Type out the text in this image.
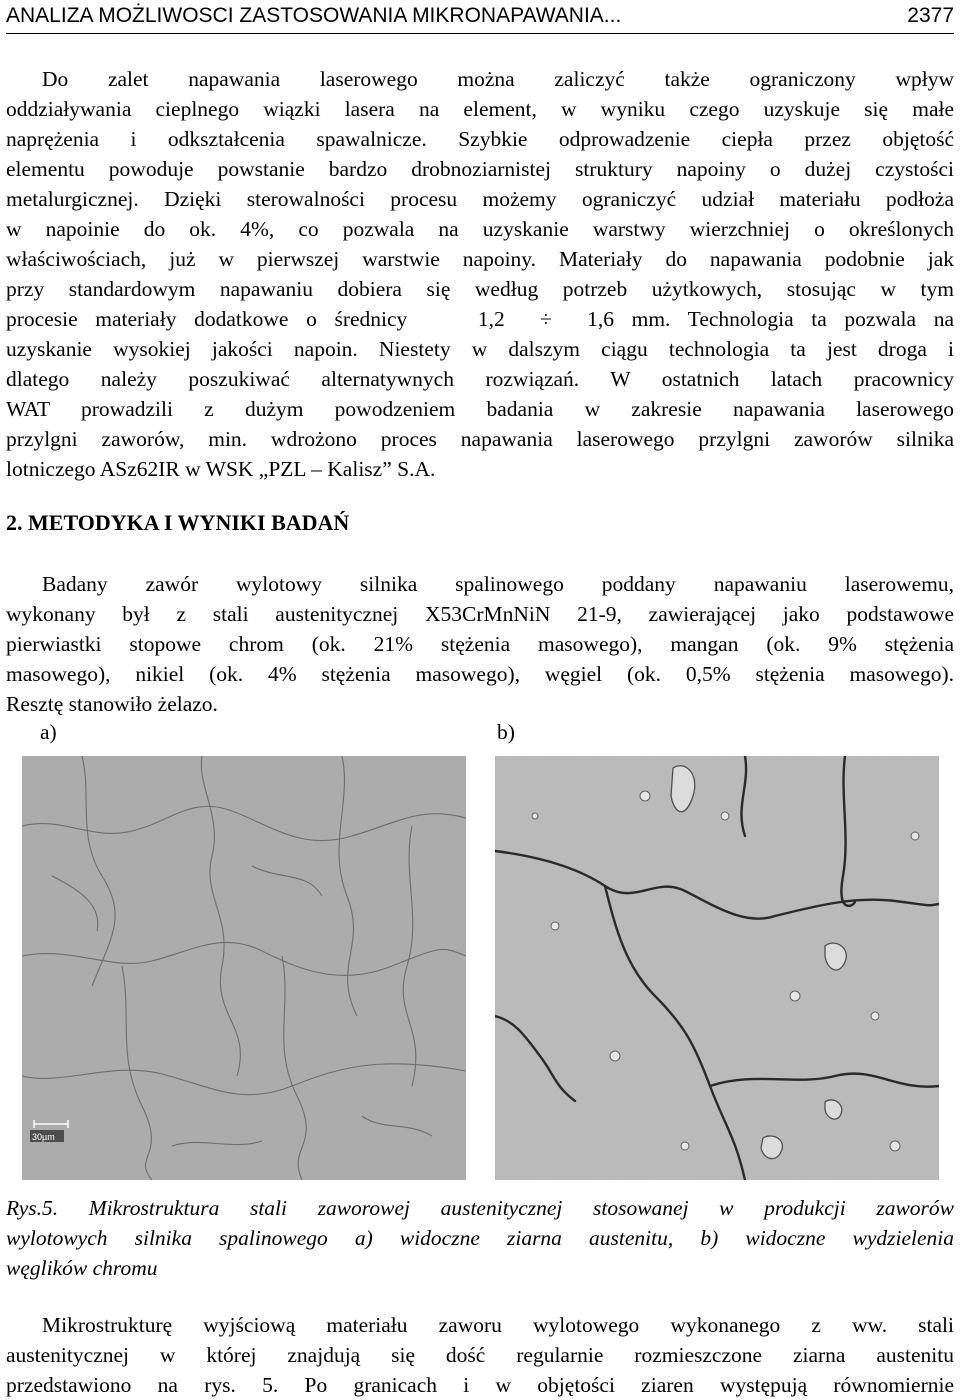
ANALIZA MOŻLIWOSCI ZASTOSOWANIA MIKRONAPAWANIA...	2377
Do zalet napawania laserowego można zaliczyć także ograniczony wpływ
oddziaływania cieplnego wiązki lasera na element, w wyniku czego uzyskuje się małe
naprężenia i odkształcenia spawalnicze. Szybkie odprowadzenie ciepła przez objętość
elementu powoduje powstanie bardzo drobnoziarnistej struktury napoiny o dużej czystości
metalurgicznej. Dzięki sterowalności procesu możemy ograniczyć udział materiału podłoża
w napoinie do ok. 4%, co pozwala na uzyskanie warstwy wierzchniej o określonych
właściwościach, już w pierwszej warstwie napoiny. Materiały do napawania podobnie jak
przy standardowym napawaniu dobiera się według potrzeb użytkowych, stosując w tym
procesie materiały dodatkowe o średnicy    1,2  ÷  1,6 mm. Technologia ta pozwala na
uzyskanie wysokiej jakości napoin. Niestety w dalszym ciągu technologia ta jest droga i
dlatego należy poszukiwać alternatywnych rozwiązań. W ostatnich latach pracownicy
WAT prowadzili z dużym powodzeniem badania w zakresie napawania laserowego
przylgni zaworów, min. wdrożono proces napawania laserowego przylgni zaworów silnika
lotniczego ASz62IR w WSK „PZL – Kalisz” S.A.
2. METODYKA I WYNIKI BADAŃ
Badany zawór wylotowy silnika spalinowego poddany napawaniu laserowemu,
wykonany był z stali austenitycznej X53CrMnNiN 21-9, zawierającej jako podstawowe
pierwiastki stopowe chrom (ok. 21% stężenia masowego), mangan (ok. 9% stężenia
masowego), nikiel (ok. 4% stężenia masowego), węgiel (ok. 0,5% stężenia masowego).
Resztę stanowiło żelazo.
a)	b)
30µm
Rys.5. Mikrostruktura stali zaworowej austenitycznej stosowanej w produkcji zaworów
wylotowych silnika spalinowego a) widoczne ziarna austenitu, b) widoczne wydzielenia
węglików chromu
Mikrostrukturę wyjściową materiału zaworu wylotowego wykonanego z ww. stali
austenitycznej w której znajdują się dość regularnie rozmieszczone ziarna austenitu
przedstawiono na rys. 5. Po granicach i w objętości ziaren występują równomiernie
